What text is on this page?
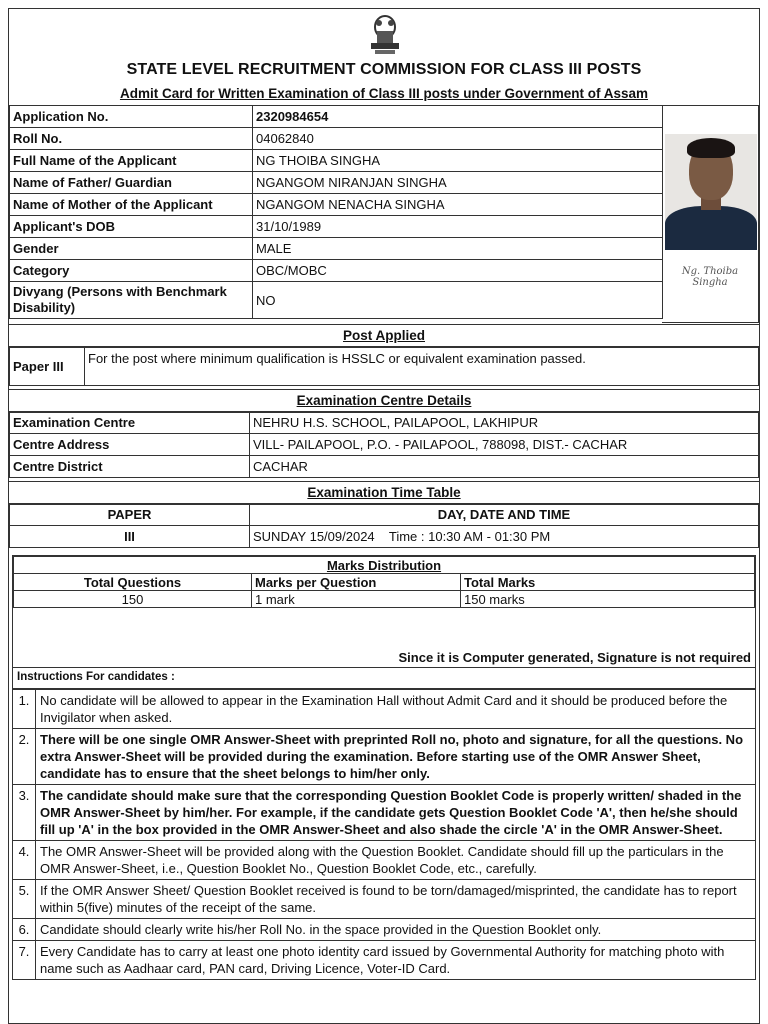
STATE LEVEL RECRUITMENT COMMISSION FOR CLASS III POSTS
Admit Card for Written Examination of Class III posts under Government of Assam
Application No.	2320984654
Roll No.	04062840
Full Name of the Applicant	NG THOIBA SINGHA
Name of Father/ Guardian	NGANGOM NIRANJAN SINGHA
Name of Mother of the Applicant	NGANGOM NENACHA SINGHA
Applicant's DOB	31/10/1989
Gender	MALE
Category	OBC/MOBC
Divyang (Persons with Benchmark Disability)	NO
Ng. Thoiba Singha
Post Applied
Paper III	For the post where minimum qualification is HSSLC or equivalent examination passed.
Examination Centre Details
Examination Centre	NEHRU H.S. SCHOOL, PAILAPOOL, LAKHIPUR
Centre Address	VILL- PAILAPOOL, P.O. - PAILAPOOL, 788098, DIST.- CACHAR
Centre District	CACHAR
Examination Time Table
PAPER	DAY, DATE AND TIME
III	SUNDAY 15/09/2024    Time : 10:30 AM - 01:30 PM
Marks Distribution		
Total Questions	Marks per Question	Total Marks
150	1 mark	150 marks
Since it is Computer generated, Signature is not required
Instructions For candidates :
1.	No candidate will be allowed to appear in the Examination Hall without Admit Card and it should be produced before the Invigilator when asked.
2.	There will be one single OMR Answer-Sheet with preprinted Roll no, photo and signature, for all the questions. No extra Answer-Sheet will be provided during the examination. Before starting use of the OMR Answer Sheet, candidate has to ensure that the sheet belongs to him/her only.
3.	The candidate should make sure that the corresponding Question Booklet Code is properly written/ shaded in the OMR Answer-Sheet by him/her. For example, if the candidate gets Question Booklet Code 'A', then he/she should fill up 'A' in the box provided in the OMR Answer-Sheet and also shade the circle 'A' in the OMR Answer-Sheet.
4.	The OMR Answer-Sheet will be provided along with the Question Booklet. Candidate should fill up the particulars in the OMR Answer-Sheet, i.e., Question Booklet No., Question Booklet Code, etc., carefully.
5.	If the OMR Answer Sheet/ Question Booklet received is found to be torn/damaged/misprinted, the candidate has to report within 5(five) minutes of the receipt of the same.
6.	Candidate should clearly write his/her Roll No. in the space provided in the Question Booklet only.
7.	Every Candidate has to carry at least one photo identity card issued by Governmental Authority for matching photo with name such as Aadhaar card, PAN card, Driving Licence, Voter-ID Card.
